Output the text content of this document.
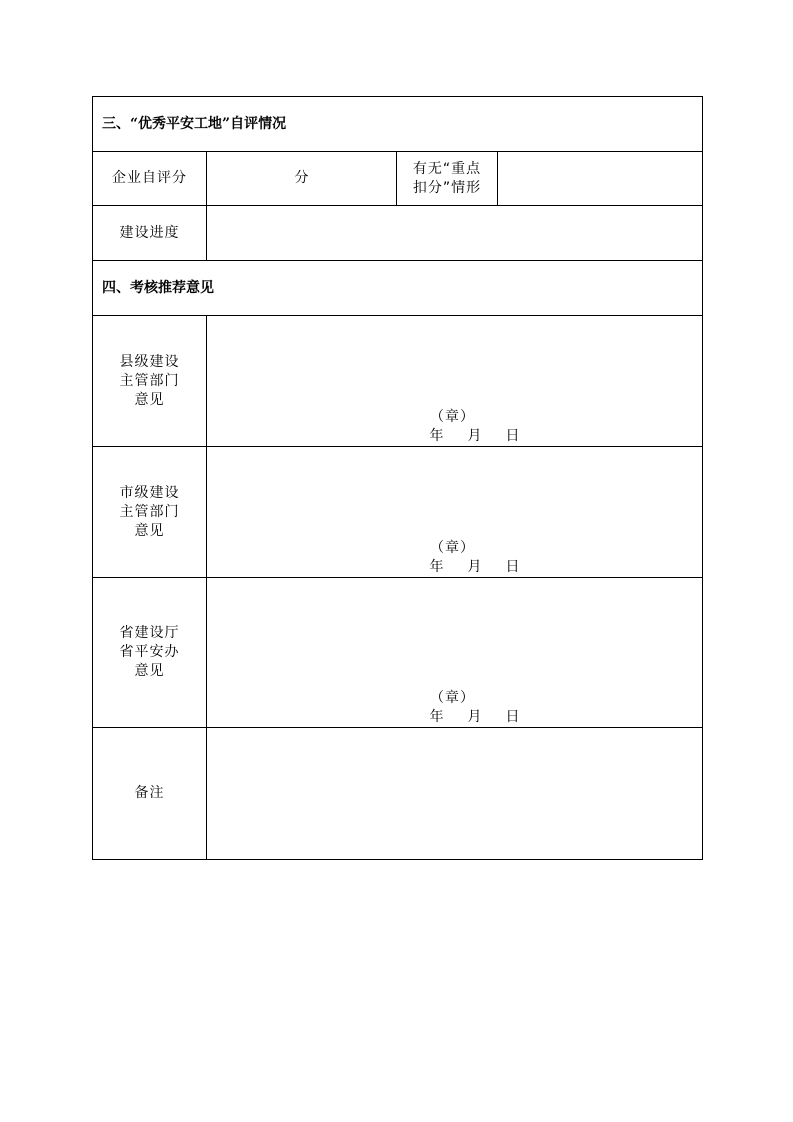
三、“优秀平安工地”自评情况			
企业自评分	分	有无“重点
扣分”情形	

建设进度			
四、考核推荐意见			

县级建设
主管部门
意见	（章）
年 月 日		

市级建设
主管部门
意见	（章）
年 月 日		

省建设厅
省平安办
意见	（章）
年 月 日		

备注			
